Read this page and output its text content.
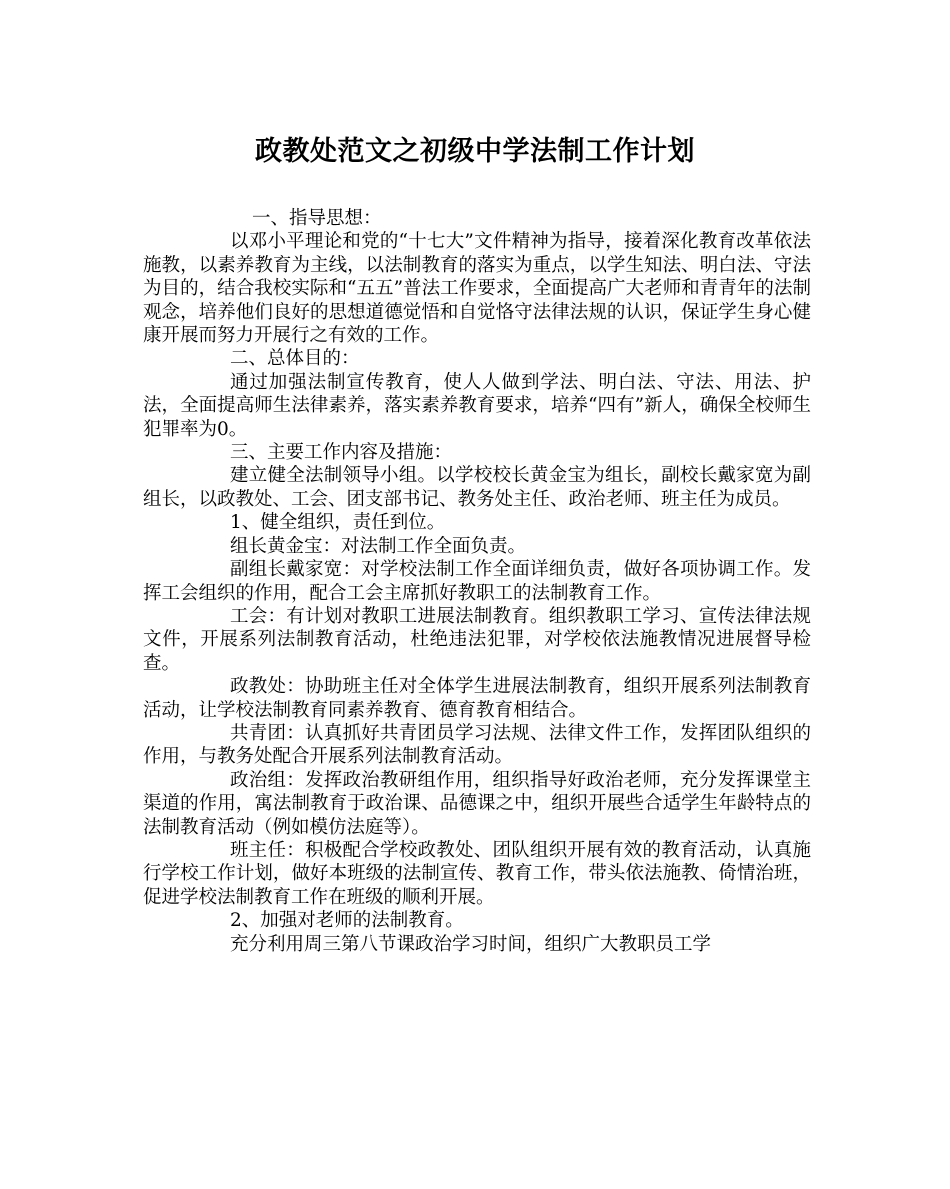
政教处范文之初级中学法制工作计划

一、指导思想：

以邓小平理论和党的“十七大”文件精神为指导，接着深化教育改革依法施教，以素养教育为主线，以法制教育的落实为重点，以学生知法、明白法、守法为目的，结合我校实际和“五五”普法工作要求，全面提高广大老师和青青年的法制观念，培养他们良好的思想道德觉悟和自觉恪守法律法规的认识，保证学生身心健康开展而努力开展行之有效的工作。

二、总体目的：

通过加强法制宣传教育，使人人做到学法、明白法、守法、用法、护法，全面提高师生法律素养，落实素养教育要求，培养“四有”新人，确保全校师生犯罪率为0。

三、主要工作内容及措施：

建立健全法制领导小组。以学校校长黄金宝为组长，副校长戴家宽为副组长，以政教处、工会、团支部书记、教务处主任、政治老师、班主任为成员。

1、健全组织，责任到位。

组长黄金宝：对法制工作全面负责。

副组长戴家宽：对学校法制工作全面详细负责，做好各项协调工作。发挥工会组织的作用，配合工会主席抓好教职工的法制教育工作。

工会：有计划对教职工进展法制教育。组织教职工学习、宣传法律法规文件，开展系列法制教育活动，杜绝违法犯罪，对学校依法施教情况进展督导检查。

政教处：协助班主任对全体学生进展法制教育，组织开展系列法制教育活动，让学校法制教育同素养教育、德育教育相结合。

共青团：认真抓好共青团员学习法规、法律文件工作，发挥团队组织的作用，与教务处配合开展系列法制教育活动。

政治组：发挥政治教研组作用，组织指导好政治老师，充分发挥课堂主渠道的作用，寓法制教育于政治课、品德课之中，组织开展些合适学生年龄特点的法制教育活动（例如模仿法庭等）。

班主任：积极配合学校政教处、团队组织开展有效的教育活动，认真施行学校工作计划，做好本班级的法制宣传、教育工作，带头依法施教、倚情治班，促进学校法制教育工作在班级的顺利开展。

2、加强对老师的法制教育。

充分利用周三第八节课政治学习时间，组织广大教职员工学
